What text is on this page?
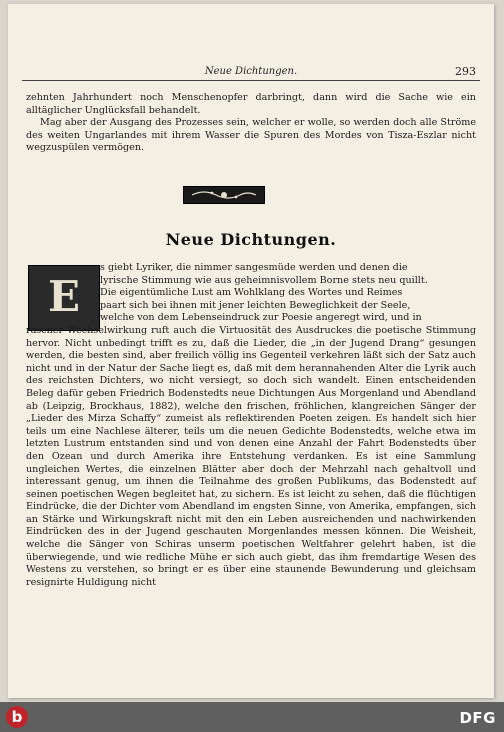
Neue Dichtungen.	293

zehnten Jahrhundert noch Menschenopfer darbringt, dann wird die Sache wie ein alltäglicher Unglücksfall behandelt.

Mag aber der Ausgang des Prozesses sein, welcher er wolle, so werden doch alle Ströme des weiten Ungarlandes mit ihrem Wasser die Spuren des Mordes von Tisza-Eszlar nicht wegzuspülen vermögen.

Neue Dichtungen.
E
s giebt Lyriker, die nimmer sangesmüde werden und denen die
lyrische Stimmung wie aus geheimnisvollem Borne stets neu quillt.
Die eigentümliche Lust am Wohlklang des Wortes und Reimes
paart sich bei ihnen mit jener leichten Beweglichkeit der Seele,
welche von dem Lebenseindruck zur Poesie angeregt wird, und in

rascher Wechselwirkung ruft auch die Virtuosität des Ausdruckes die poetische Stimmung hervor. Nicht unbedingt trifft es zu, daß die Lieder, die „in der Jugend Drang“ gesungen werden, die besten sind, aber freilich völlig ins Gegenteil verkehren läßt sich der Satz auch nicht und in der Natur der Sache liegt es, daß mit dem herannahenden Alter die Lyrik auch des reichsten Dichters, wo nicht versiegt, so doch sich wandelt. Einen entscheidenden Beleg dafür geben Friedrich Bodenstedts neue Dichtungen Aus Morgenland und Abendland ab (Leipzig, Brockhaus, 1882), welche den frischen, fröhlichen, klangreichen Sänger der „Lieder des Mirza Schaffy“ zumeist als reflektirenden Poeten zeigen. Es handelt sich hier teils um eine Nachlese älterer, teils um die neuen Gedichte Bodenstedts, welche etwa im letzten Lustrum entstanden sind und von denen eine Anzahl der Fahrt Bodenstedts über den Ozean und durch Amerika ihre Entstehung verdanken. Es ist eine Sammlung ungleichen Wertes, die einzelnen Blätter aber doch der Mehrzahl nach gehaltvoll und interessant genug, um ihnen die Teilnahme des großen Publikums, das Bodenstedt auf seinen poetischen Wegen begleitet hat, zu sichern. Es ist leicht zu sehen, daß die flüchtigen Eindrücke, die der Dichter vom Abendland im engsten Sinne, von Amerika, empfangen, sich an Stärke und Wirkungskraft nicht mit den ein Leben ausreichenden und nachwirkenden Eindrücken des in der Jugend geschauten Morgenlandes messen können. Die Weisheit, welche die Sänger von Schiras unserm poetischen Weltfahrer gelehrt haben, ist die überwiegende, und wie redliche Mühe er sich auch giebt, das ihm fremdartige Wesen des Westens zu verstehen, so bringt er es über eine staunende Bewunderung und gleichsam resignirte Huldigung nicht

b	DFG
